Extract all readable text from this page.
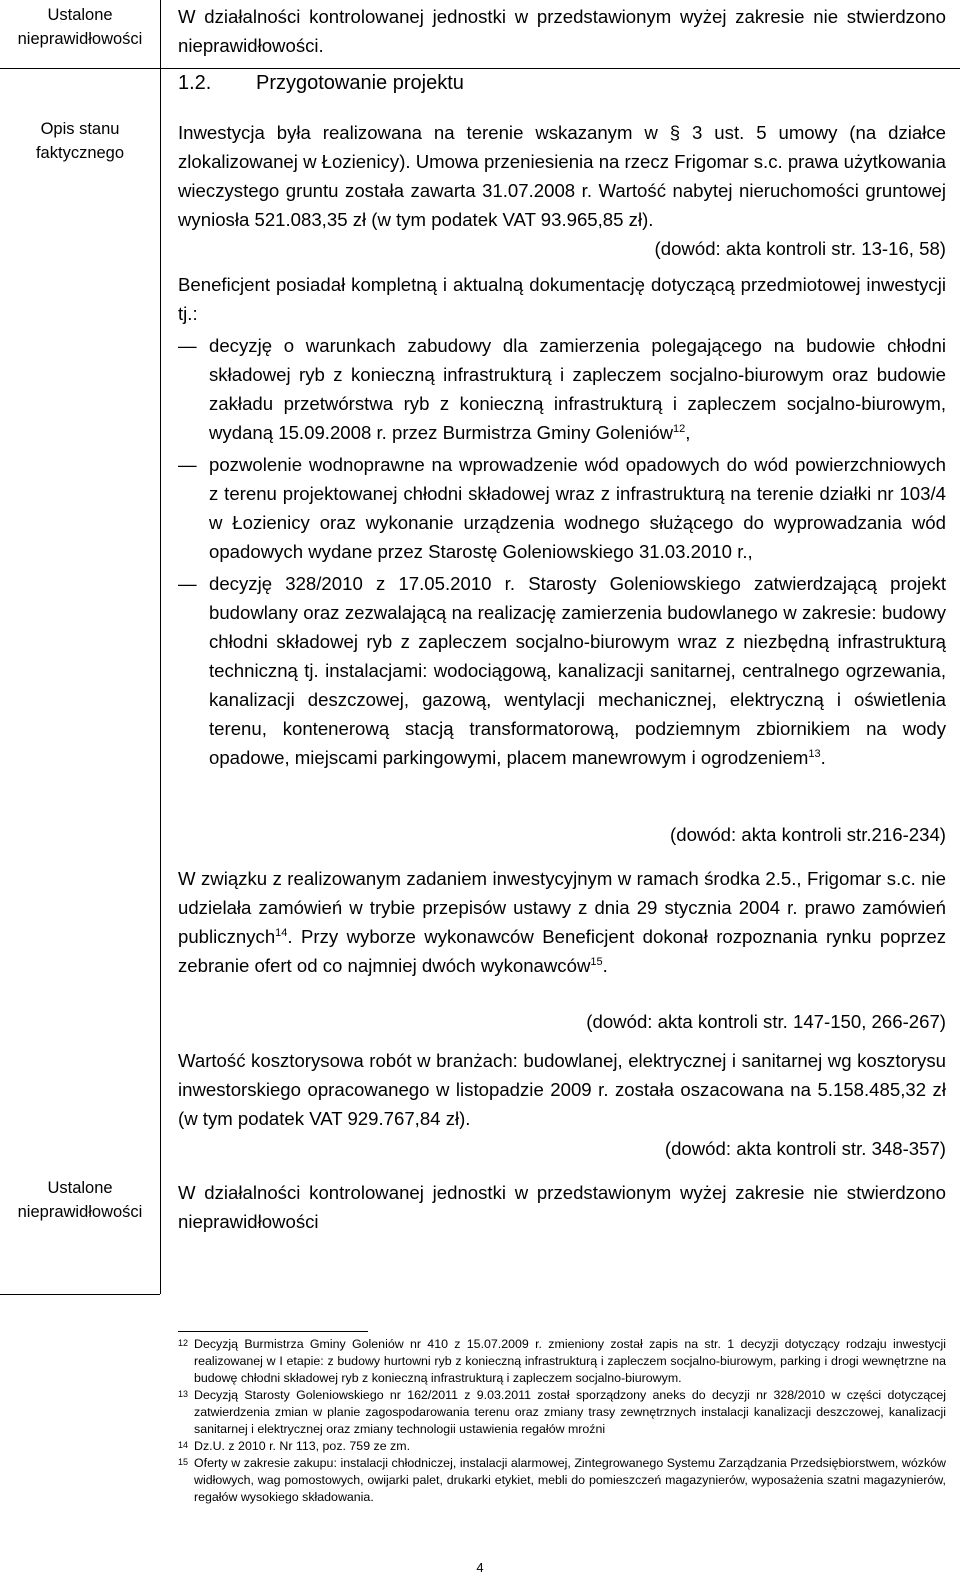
Ustalone
nieprawidłowości
Opis stanu
faktycznego
Ustalone
nieprawidłowości

W działalności kontrolowanej jednostki w przedstawionym wyżej zakresie nie stwierdzono nieprawidłowości.

1.2. Przygotowanie projektu

Inwestycja była realizowana na terenie wskazanym w § 3 ust. 5 umowy (na działce zlokalizowanej w Łozienicy). Umowa przeniesienia na rzecz Frigomar s.c. prawa użytkowania wieczystego gruntu została zawarta 31.07.2008 r. Wartość nabytej nieruchomości gruntowej wyniosła 521.083,35 zł (w tym podatek VAT 93.965,85 zł).

(dowód: akta kontroli str. 13-16, 58)

Beneficjent posiadał kompletną i aktualną dokumentację dotyczącą przedmiotowej inwestycji tj.:

— decyzję o warunkach zabudowy dla zamierzenia polegającego na budowie chłodni składowej ryb z konieczną infrastrukturą i zapleczem socjalno-biurowym oraz budowie zakładu przetwórstwa ryb z konieczną infrastrukturą i zapleczem socjalno-biurowym, wydaną 15.09.2008 r. przez Burmistrza Gminy Goleniów$^{12}$,
— pozwolenie wodnoprawne na wprowadzenie wód opadowych do wód powierzchniowych z terenu projektowanej chłodni składowej wraz z infrastrukturą na terenie działki nr 103/4 w Łozienicy oraz wykonanie urządzenia wodnego służącego do wyprowadzania wód opadowych wydane przez Starostę Goleniowskiego 31.03.2010 r.,
— decyzję 328/2010 z 17.05.2010 r. Starosty Goleniowskiego zatwierdzającą projekt budowlany oraz zezwalającą na realizację zamierzenia budowlanego w zakresie: budowy chłodni składowej ryb z zapleczem socjalno-biurowym wraz z niezbędną infrastrukturą techniczną tj. instalacjami: wodociągową, kanalizacji sanitarnej, centralnego ogrzewania, kanalizacji deszczowej, gazową, wentylacji mechanicznej, elektryczną i oświetlenia terenu, kontenerową stacją transformatorową, podziemnym zbiornikiem na wody opadowe, miejscami parkingowymi, placem manewrowym i ogrodzeniem$^{13}$.
(dowód: akta kontroli str.216-234)

W związku z realizowanym zadaniem inwestycyjnym w ramach środka 2.5., Frigomar s.c. nie udzielała zamówień w trybie przepisów ustawy z dnia 29 stycznia 2004 r. prawo zamówień publicznych$^{14}$. Przy wyborze wykonawców Beneficjent dokonał rozpoznania rynku poprzez zebranie ofert od co najmniej dwóch wykonawców$^{15}$.

(dowód: akta kontroli str. 147-150, 266-267)

Wartość kosztorysowa robót w branżach: budowlanej, elektrycznej i sanitarnej wg kosztorysu inwestorskiego opracowanego w listopadzie 2009 r. została oszacowana na 5.158.485,32 zł (w tym podatek VAT 929.767,84 zł).

(dowód: akta kontroli str. 348-357)

W działalności kontrolowanej jednostki w przedstawionym wyżej zakresie nie stwierdzono nieprawidłowości

12 Decyzją Burmistrza Gminy Goleniów nr 410 z 15.07.2009 r. zmieniony został zapis na str. 1 decyzji dotyczący rodzaju inwestycji realizowanej w I etapie: z budowy hurtowni ryb z konieczną infrastrukturą i zapleczem socjalno-biurowym, parking i drogi wewnętrzne na budowę chłodni składowej ryb z konieczną infrastrukturą i zapleczem socjalno-biurowym.
13 Decyzją Starosty Goleniowskiego nr 162/2011 z 9.03.2011 został sporządzony aneks do decyzji nr 328/2010 w części dotyczącej zatwierdzenia zmian w planie zagospodarowania terenu oraz zmiany trasy zewnętrznych instalacji kanalizacji deszczowej, kanalizacji sanitarnej i elektrycznej oraz zmiany technologii ustawienia regałów mroźni
14 Dz.U. z 2010 r. Nr 113, poz. 759 ze zm.
15 Oferty w zakresie zakupu: instalacji chłodniczej, instalacji alarmowej, Zintegrowanego Systemu Zarządzania Przedsiębiorstwem, wózków widłowych, wag pomostowych, owijarki palet, drukarki etykiet, mebli do pomieszczeń magazynierów, wyposażenia szatni magazynierów, regałów wysokiego składowania.
4
